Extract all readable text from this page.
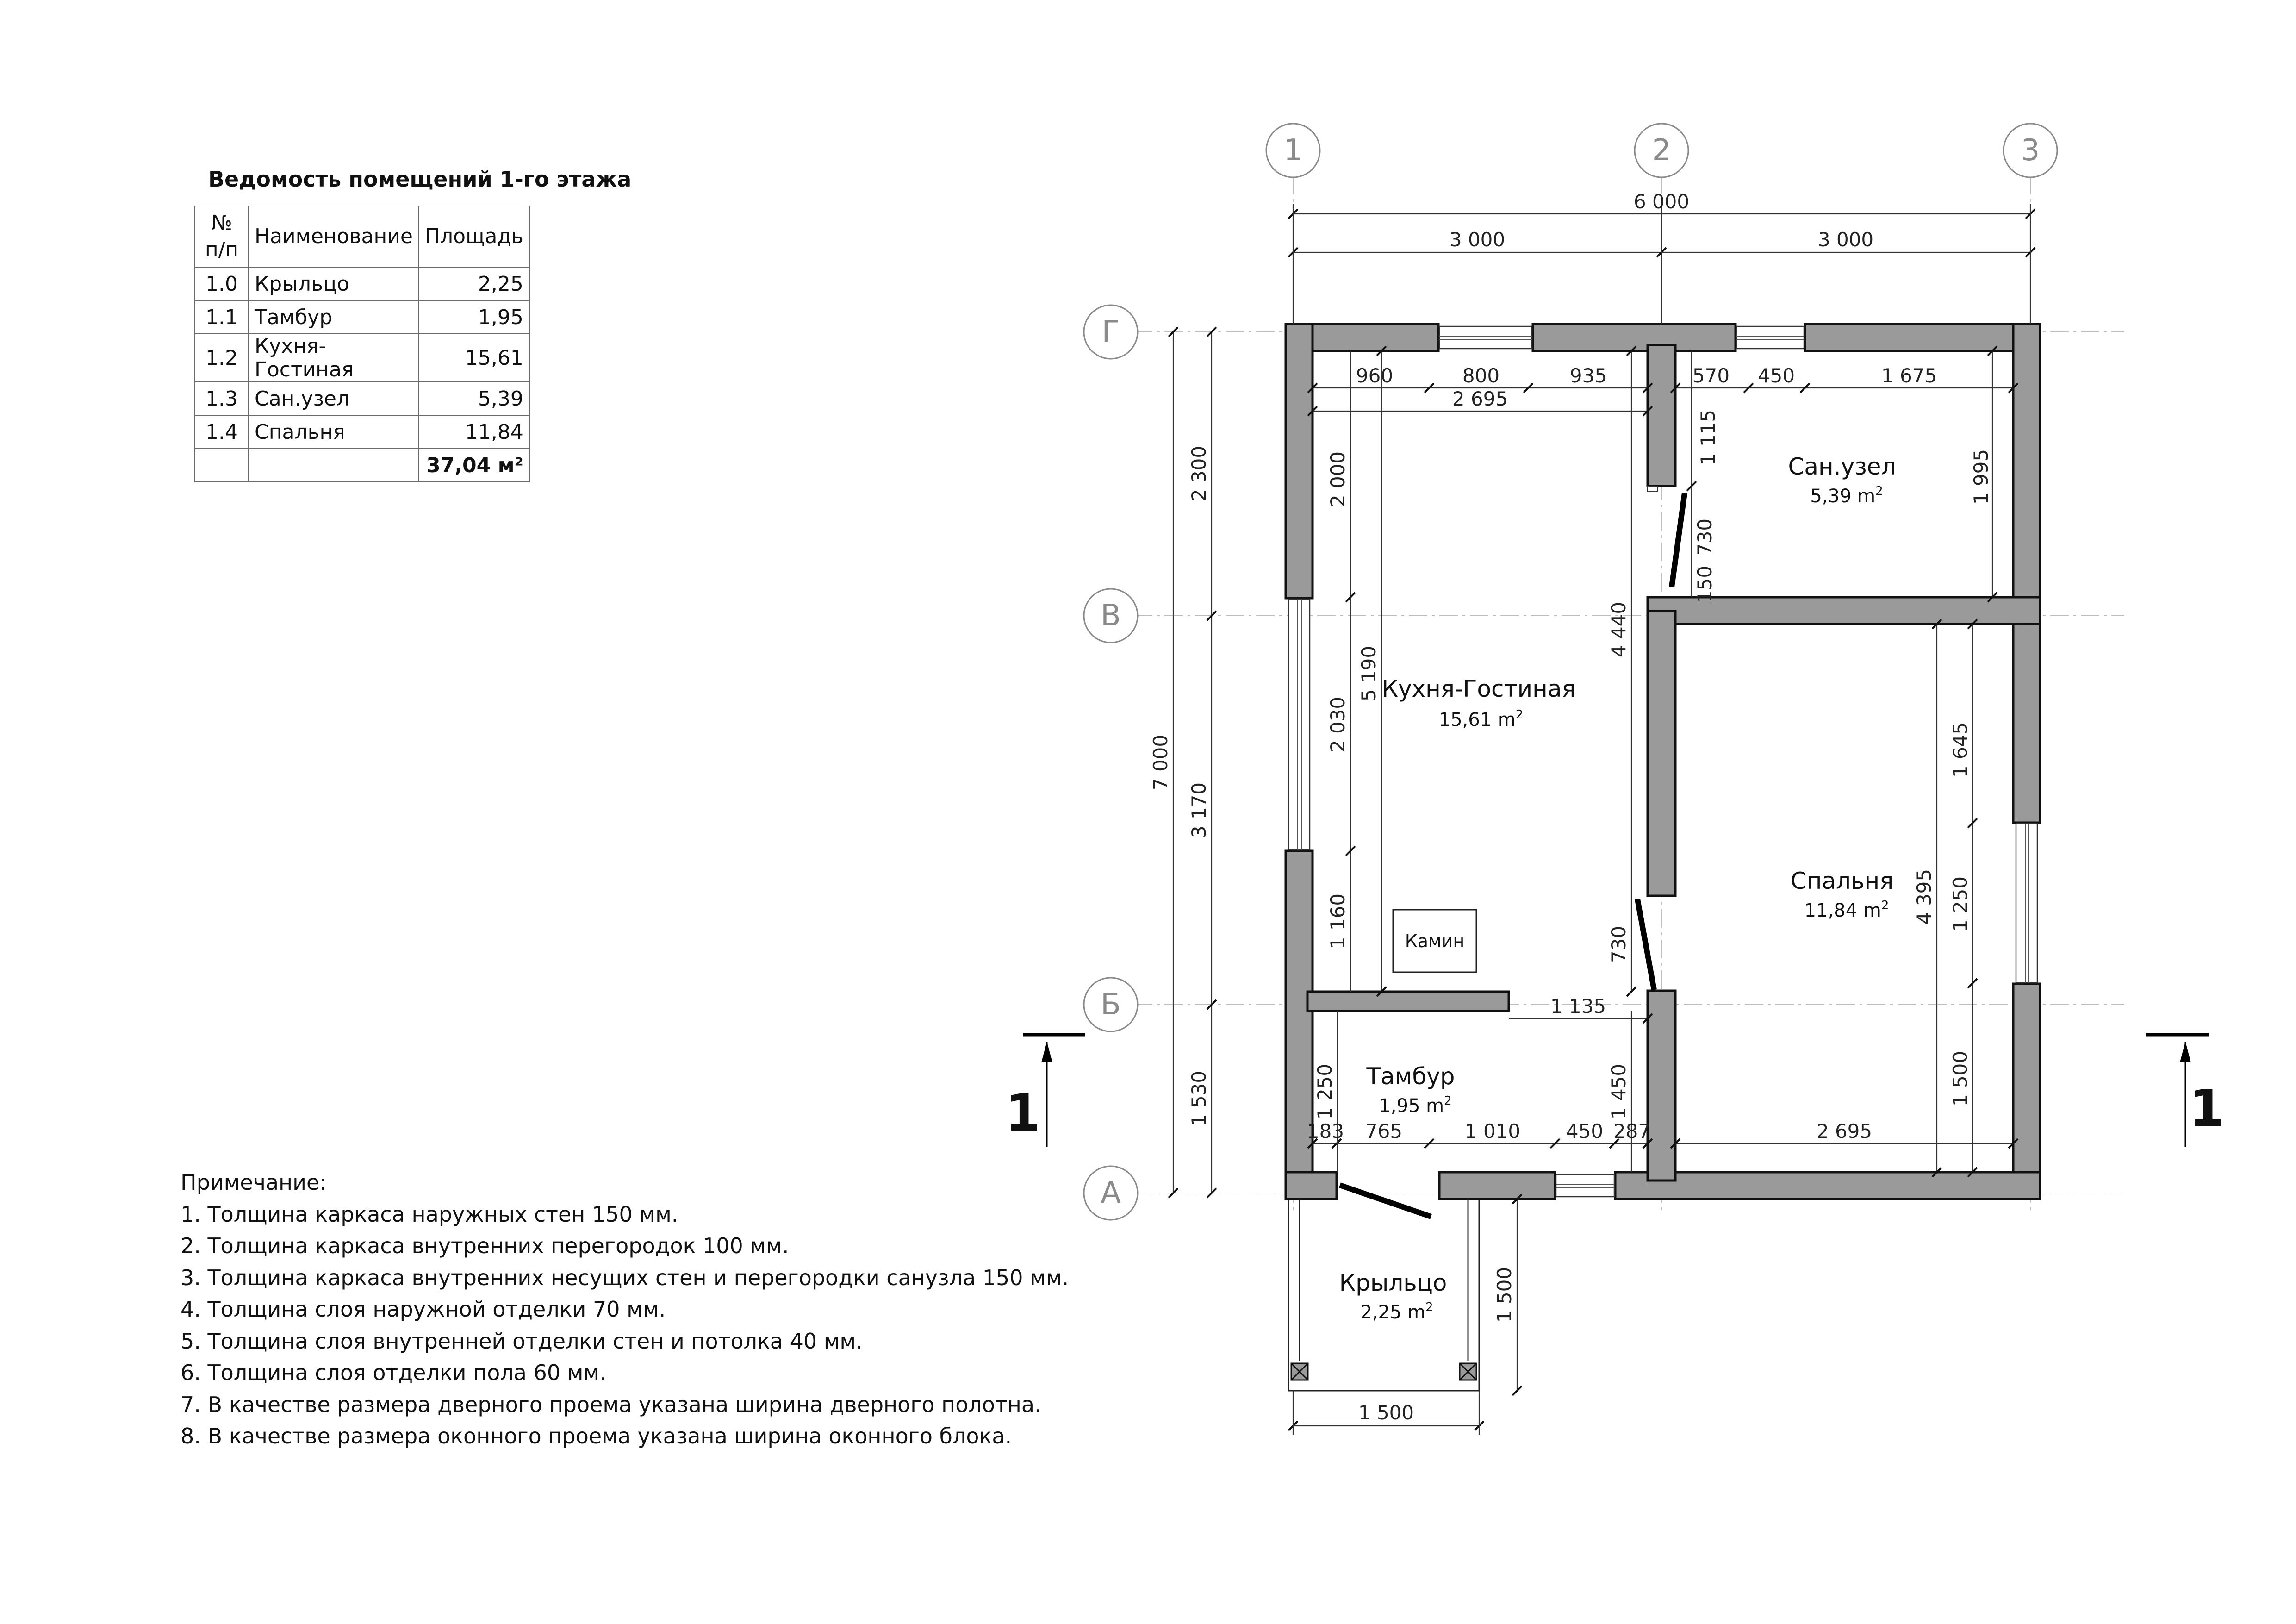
Ведомость помещений 1-го этажа
№ п/п	Наименование	Площадь
1.0	Крыльцо	2,25
1.1	Тамбур	1,95
1.2	Кухня-Гостиная	15,61
1.3	Сан.узел	5,39
1.4	Спальня	11,84
		37,04 м²
Примечание:
1. Толщина каркаса наружных стен 150 мм.
2. Толщина каркаса внутренних перегородок 100 мм.
3. Толщина каркаса внутренних несущих стен и перегородки санузла 150 мм.
4. Толщина слоя наружной отделки 70 мм.
5. Толщина слоя внутренней отделки стен и потолка 40 мм.
6. Толщина слоя отделки пола 60 мм.
7. В качестве размера дверного проема указана ширина дверного полотна.
8. В качестве размера оконного проема указана ширина оконного блока.
1	2	3
Г
В
Б
А
Камин
6 000
3 000	3 000
7 000
2 300
3 170
1 530
960	800	935
2 695
570 450	1 675
1 115
1 995
730
150
2 000
5 190
2 030
1 160
4 440
730
1 645
1 250
4 395
1 500
1 135
1 250	1 450
183 765	1 010 450 287	2 695
1 500
1 500
Кухня-Гостиная
15,61 $m^2$
Сан.узел
5,39 $m^2$
Спальня
11,84 $m^2$
Тамбур
1,95 $m^2$
Крыльцо
2,25 $m^2$
1	1
